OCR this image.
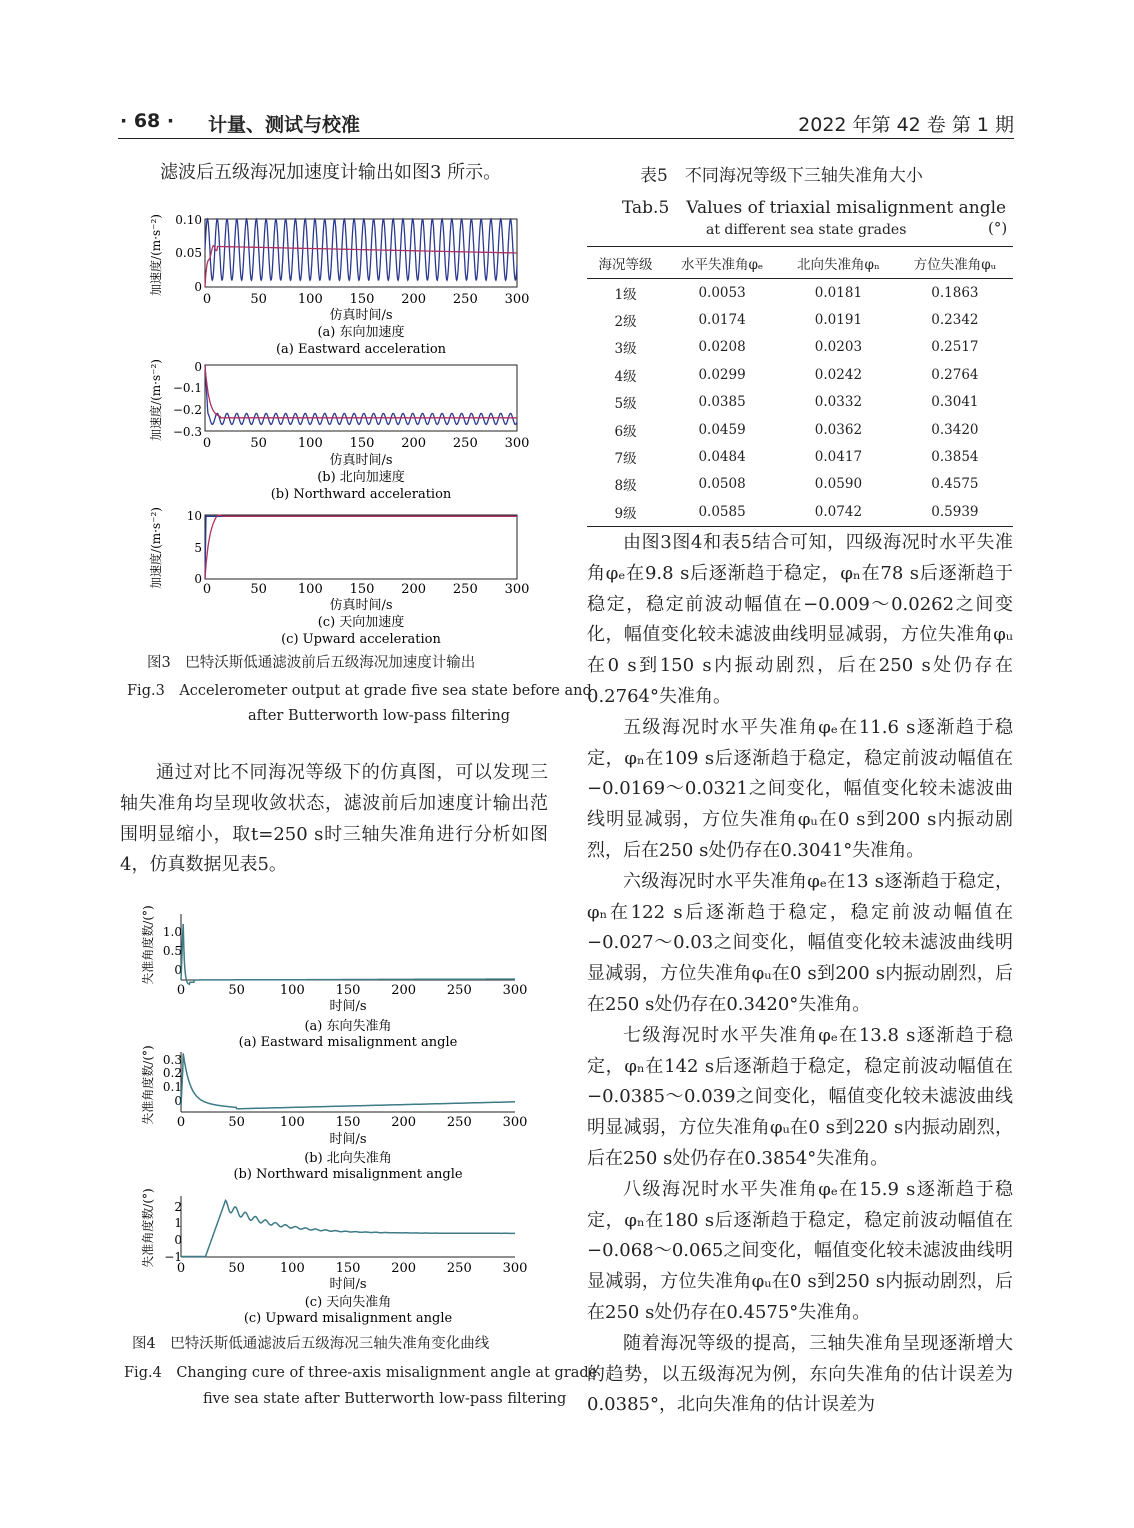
· 68 · 计量、测试与校准	2022 年第 42 卷 第 1 期
滤波后五级海况加速度计输出如图3 所示。
加速度/(m·s⁻²) 0.10
0.05
0
0	50 100 150 200 250 300
仿真时间/s
(a) 东向加速度
(a) Eastward acceleration
加速度/(m·s⁻²)	0
−0.1
−0.2
−0.3
0	50 100 150 200 250 300
仿真时间/s
(b) 北向加速度
(b) Northward acceleration
加速度/(m·s⁻²) 10
5
0
0	50 100 150 200 250 300
仿真时间/s
(c) 天向加速度
(c) Upward acceleration
图3　巴特沃斯低通滤波前后五级海况加速度计输出
Fig.3　Accelerometer output at grade five sea state before and
after Butterworth low-pass filtering

通过对比不同海况等级下的仿真图，可以发现三轴失准角均呈现收敛状态，滤波前后加速度计输出范围明显缩小，取t=250 s时三轴失准角进行分析如图4，仿真数据见表5。

失准角度数/(°) 1.0
0.5
0
0	50	100 150 200 250 300
时间/s
(a) 东向失准角
(a) Eastward misalignment angle
失准角度数/(°) 0.3
0.2
0.1
0
0	50	100 150 200 250 300
时间/s
(b) 北向失准角
(b) Northward misalignment angle
失准角度数/(°) 2
1
0
−1
0	50	100 150 200 250 300
时间/s
(c) 天向失准角
(c) Upward misalignment angle
图4　巴特沃斯低通滤波后五级海况三轴失准角变化曲线
Fig.4　Changing cure of three-axis misalignment angle at grade
five sea state after Butterworth low-pass filtering
表5　不同海况等级下三轴失准角大小
Tab.5　Values of triaxial misalignment angle
at different sea state grades	(°)
海况等级	水平失准角φₑ	北向失准角φₙ	方位失准角φᵤ
1级	0.0053	0.0181	0.1863
2级	0.0174	0.0191	0.2342
3级	0.0208	0.0203	0.2517
4级	0.0299	0.0242	0.2764
5级	0.0385	0.0332	0.3041
6级	0.0459	0.0362	0.3420
7级	0.0484	0.0417	0.3854
8级	0.0508	0.0590	0.4575
9级	0.0585	0.0742	0.5939

由图3图4和表5结合可知，四级海况时水平失准角φₑ在9.8 s后逐渐趋于稳定，φₙ在78 s后逐渐趋于稳定，稳定前波动幅值在−0.009～0.0262之间变化，幅值变化较未滤波曲线明显减弱，方位失准角φᵤ在0 s到150 s内振动剧烈，后在250 s处仍存在0.2764°失准角。

五级海况时水平失准角φₑ在11.6 s逐渐趋于稳定，φₙ在109 s后逐渐趋于稳定，稳定前波动幅值在−0.0169～0.0321之间变化，幅值变化较未滤波曲线明显减弱，方位失准角φᵤ在0 s到200 s内振动剧烈，后在250 s处仍存在0.3041°失准角。

六级海况时水平失准角φₑ在13 s逐渐趋于稳定，φₙ在122 s后逐渐趋于稳定，稳定前波动幅值在−0.027～0.03之间变化，幅值变化较未滤波曲线明显减弱，方位失准角φᵤ在0 s到200 s内振动剧烈，后在250 s处仍存在0.3420°失准角。

七级海况时水平失准角φₑ在13.8 s逐渐趋于稳定，φₙ在142 s后逐渐趋于稳定，稳定前波动幅值在−0.0385～0.039之间变化，幅值变化较未滤波曲线明显减弱，方位失准角φᵤ在0 s到220 s内振动剧烈，后在250 s处仍存在0.3854°失准角。

八级海况时水平失准角φₑ在15.9 s逐渐趋于稳定，φₙ在180 s后逐渐趋于稳定，稳定前波动幅值在−0.068～0.065之间变化，幅值变化较未滤波曲线明显减弱，方位失准角φᵤ在0 s到250 s内振动剧烈，后在250 s处仍存在0.4575°失准角。

随着海况等级的提高，三轴失准角呈现逐渐增大的趋势，以五级海况为例，东向失准角的估计误差为0.0385°，北向失准角的估计误差为
